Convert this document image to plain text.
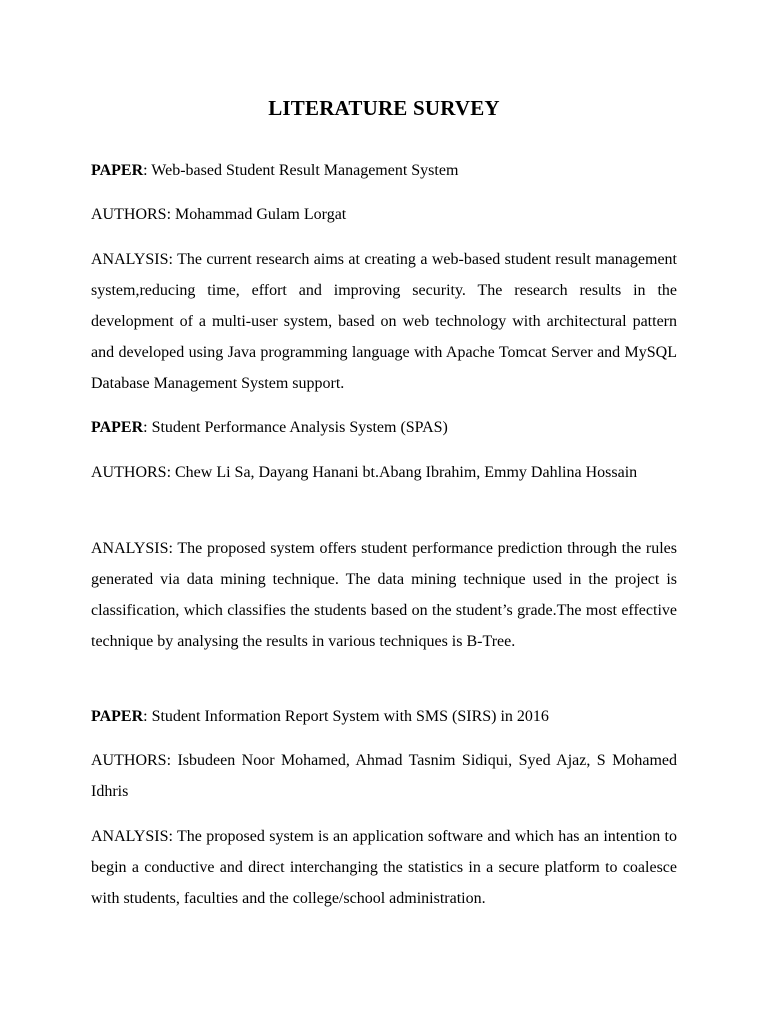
LITERATURE SURVEY
PAPER: Web-based Student Result Management System
AUTHORS: Mohammad Gulam Lorgat
ANALYSIS: The current research aims at creating a web-based student result management system,reducing time, effort and improving security. The research results in the development of a multi-user system, based on web technology with architectural pattern and developed using Java programming language with Apache Tomcat Server and MySQL Database Management System support.
PAPER: Student Performance Analysis System (SPAS)
AUTHORS: Chew Li Sa, Dayang Hanani bt.Abang Ibrahim, Emmy Dahlina Hossain
ANALYSIS: The proposed system offers student performance prediction through the rules generated via data mining technique. The data mining technique used in the project is classification, which classifies the students based on the student’s grade.The most effective technique by analysing the results in various techniques is B-Tree.
PAPER: Student Information Report System with SMS (SIRS) in 2016
AUTHORS: Isbudeen Noor Mohamed, Ahmad Tasnim Sidiqui, Syed Ajaz, S Mohamed Idhris
ANALYSIS: The proposed system is an application software and which has an intention to begin a conductive and direct interchanging the statistics in a secure platform to coalesce with students, faculties and the college/school administration.
